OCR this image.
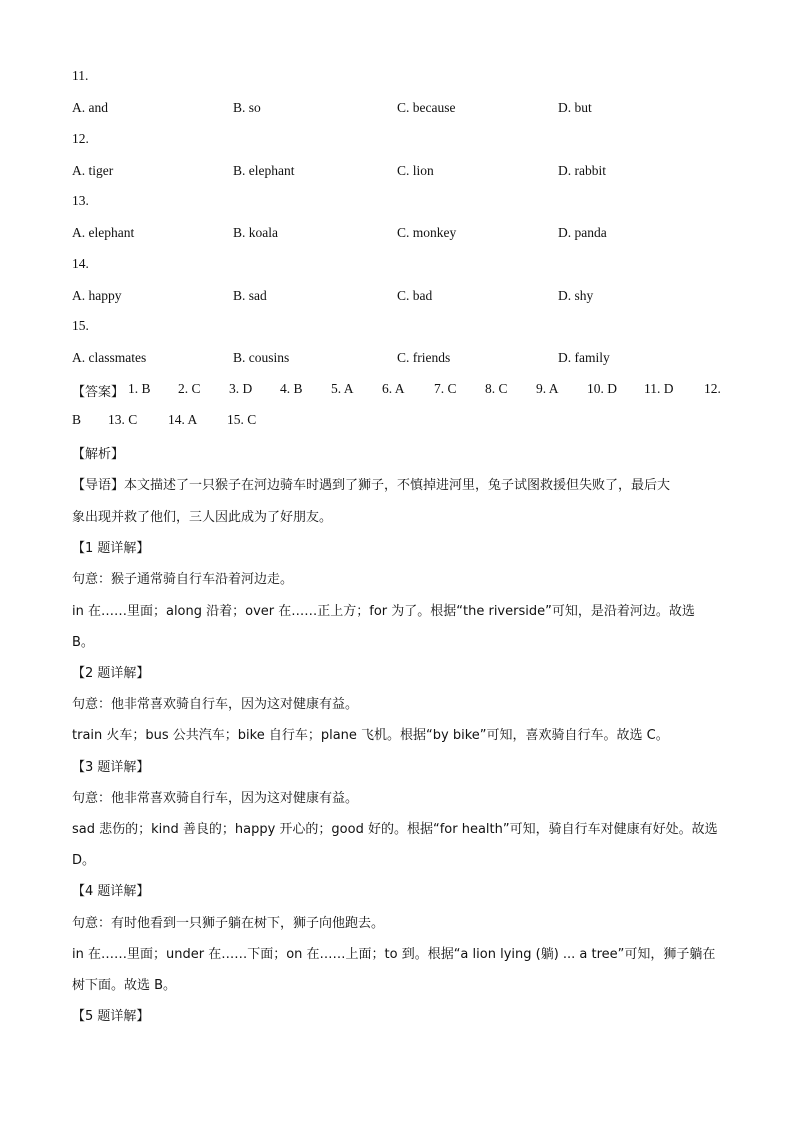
11.
A. and	B. so	C. because	D. but
12.
A. tiger	B. elephant	C. lion	D. rabbit
13.
A. elephant	B. koala	C. monkey	D. panda
14.
A. happy	B. sad	C. bad	D. shy
15.
A. classmates	B. cousins	C. friends	D. family
【答案】 1. B 2. C 3. D 4. B 5. A 6. A 7. C 8. C 9. A 10. D 11. D 12.
B 13. C 14. A 15. C
【解析】
【导语】本文描述了一只猴子在河边骑车时遇到了狮子，不慎掉进河里，兔子试图救援但失败了，最后大
象出现并救了他们，三人因此成为了好朋友。
【1 题详解】
句意：猴子通常骑自行车沿着河边走。
in 在……里面；along 沿着；over 在……正上方；for 为了。根据“the riverside”可知，是沿着河边。故选
B。
【2 题详解】
句意：他非常喜欢骑自行车，因为这对健康有益。
train 火车；bus 公共汽车；bike 自行车；plane 飞机。根据“by bike”可知，喜欢骑自行车。故选 C。
【3 题详解】
句意：他非常喜欢骑自行车，因为这对健康有益。
sad 悲伤的；kind 善良的；happy 开心的；good 好的。根据“for health”可知，骑自行车对健康有好处。故选
D。
【4 题详解】
句意：有时他看到一只狮子躺在树下，狮子向他跑去。
in 在……里面；under 在……下面；on 在……上面；to 到。根据“a lion lying (躺) ... a tree”可知，狮子躺在
树下面。故选 B。
【5 题详解】
